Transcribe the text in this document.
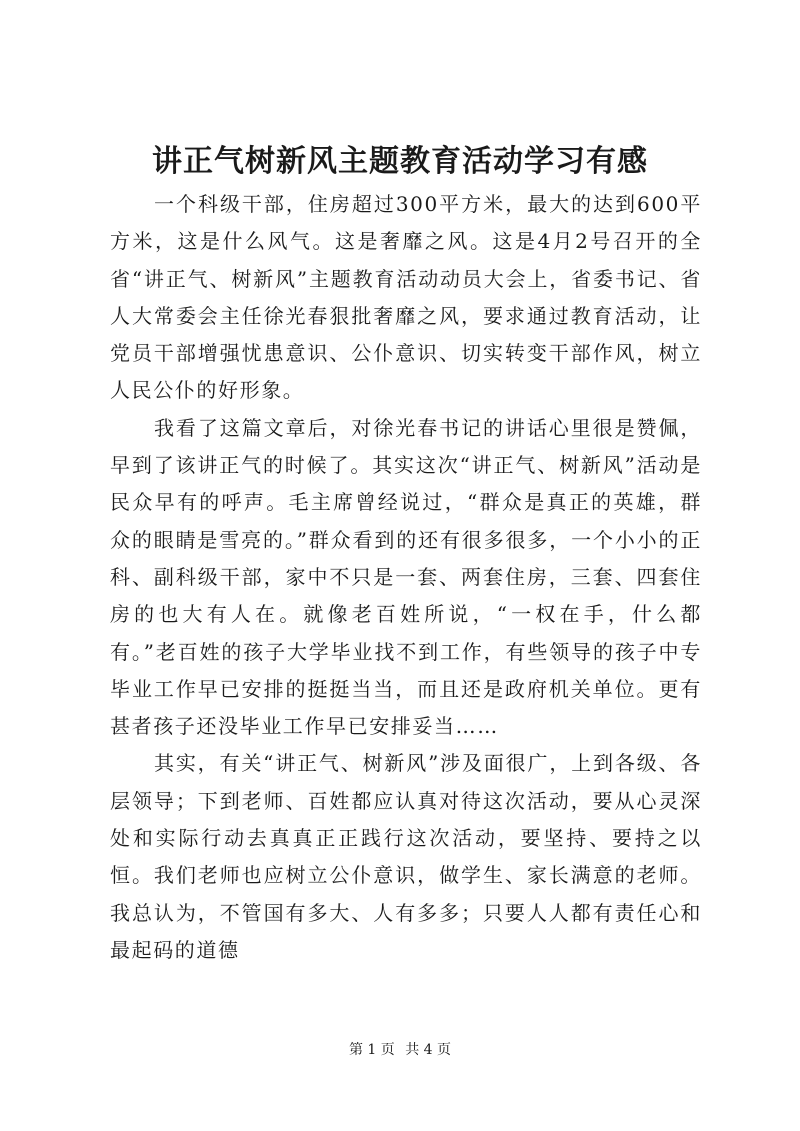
讲正气树新风主题教育活动学习有感

一个科级干部，住房超过300平方米，最大的达到600平方米，这是什么风气。这是奢靡之风。这是4月2号召开的全省“讲正气、树新风”主题教育活动动员大会上，省委书记、省人大常委会主任徐光春狠批奢靡之风，要求通过教育活动，让党员干部增强忧患意识、公仆意识、切实转变干部作风，树立人民公仆的好形象。

我看了这篇文章后，对徐光春书记的讲话心里很是赞佩，早到了该讲正气的时候了。其实这次“讲正气、树新风”活动是民众早有的呼声。毛主席曾经说过，“群众是真正的英雄，群众的眼睛是雪亮的。”群众看到的还有很多很多，一个小小的正科、副科级干部，家中不只是一套、两套住房，三套、四套住房的也大有人在。就像老百姓所说，“一权在手，什么都有。”老百姓的孩子大学毕业找不到工作，有些领导的孩子中专毕业工作早已安排的挺挺当当，而且还是政府机关单位。更有甚者孩子还没毕业工作早已安排妥当……

其实，有关“讲正气、树新风”涉及面很广，上到各级、各层领导；下到老师、百姓都应认真对待这次活动，要从心灵深处和实际行动去真真正正践行这次活动，要坚持、要持之以恒。我们老师也应树立公仆意识，做学生、家长满意的老师。我总认为，不管国有多大、人有多多；只要人人都有责任心和最起码的道德

第 1 页 共 4 页
